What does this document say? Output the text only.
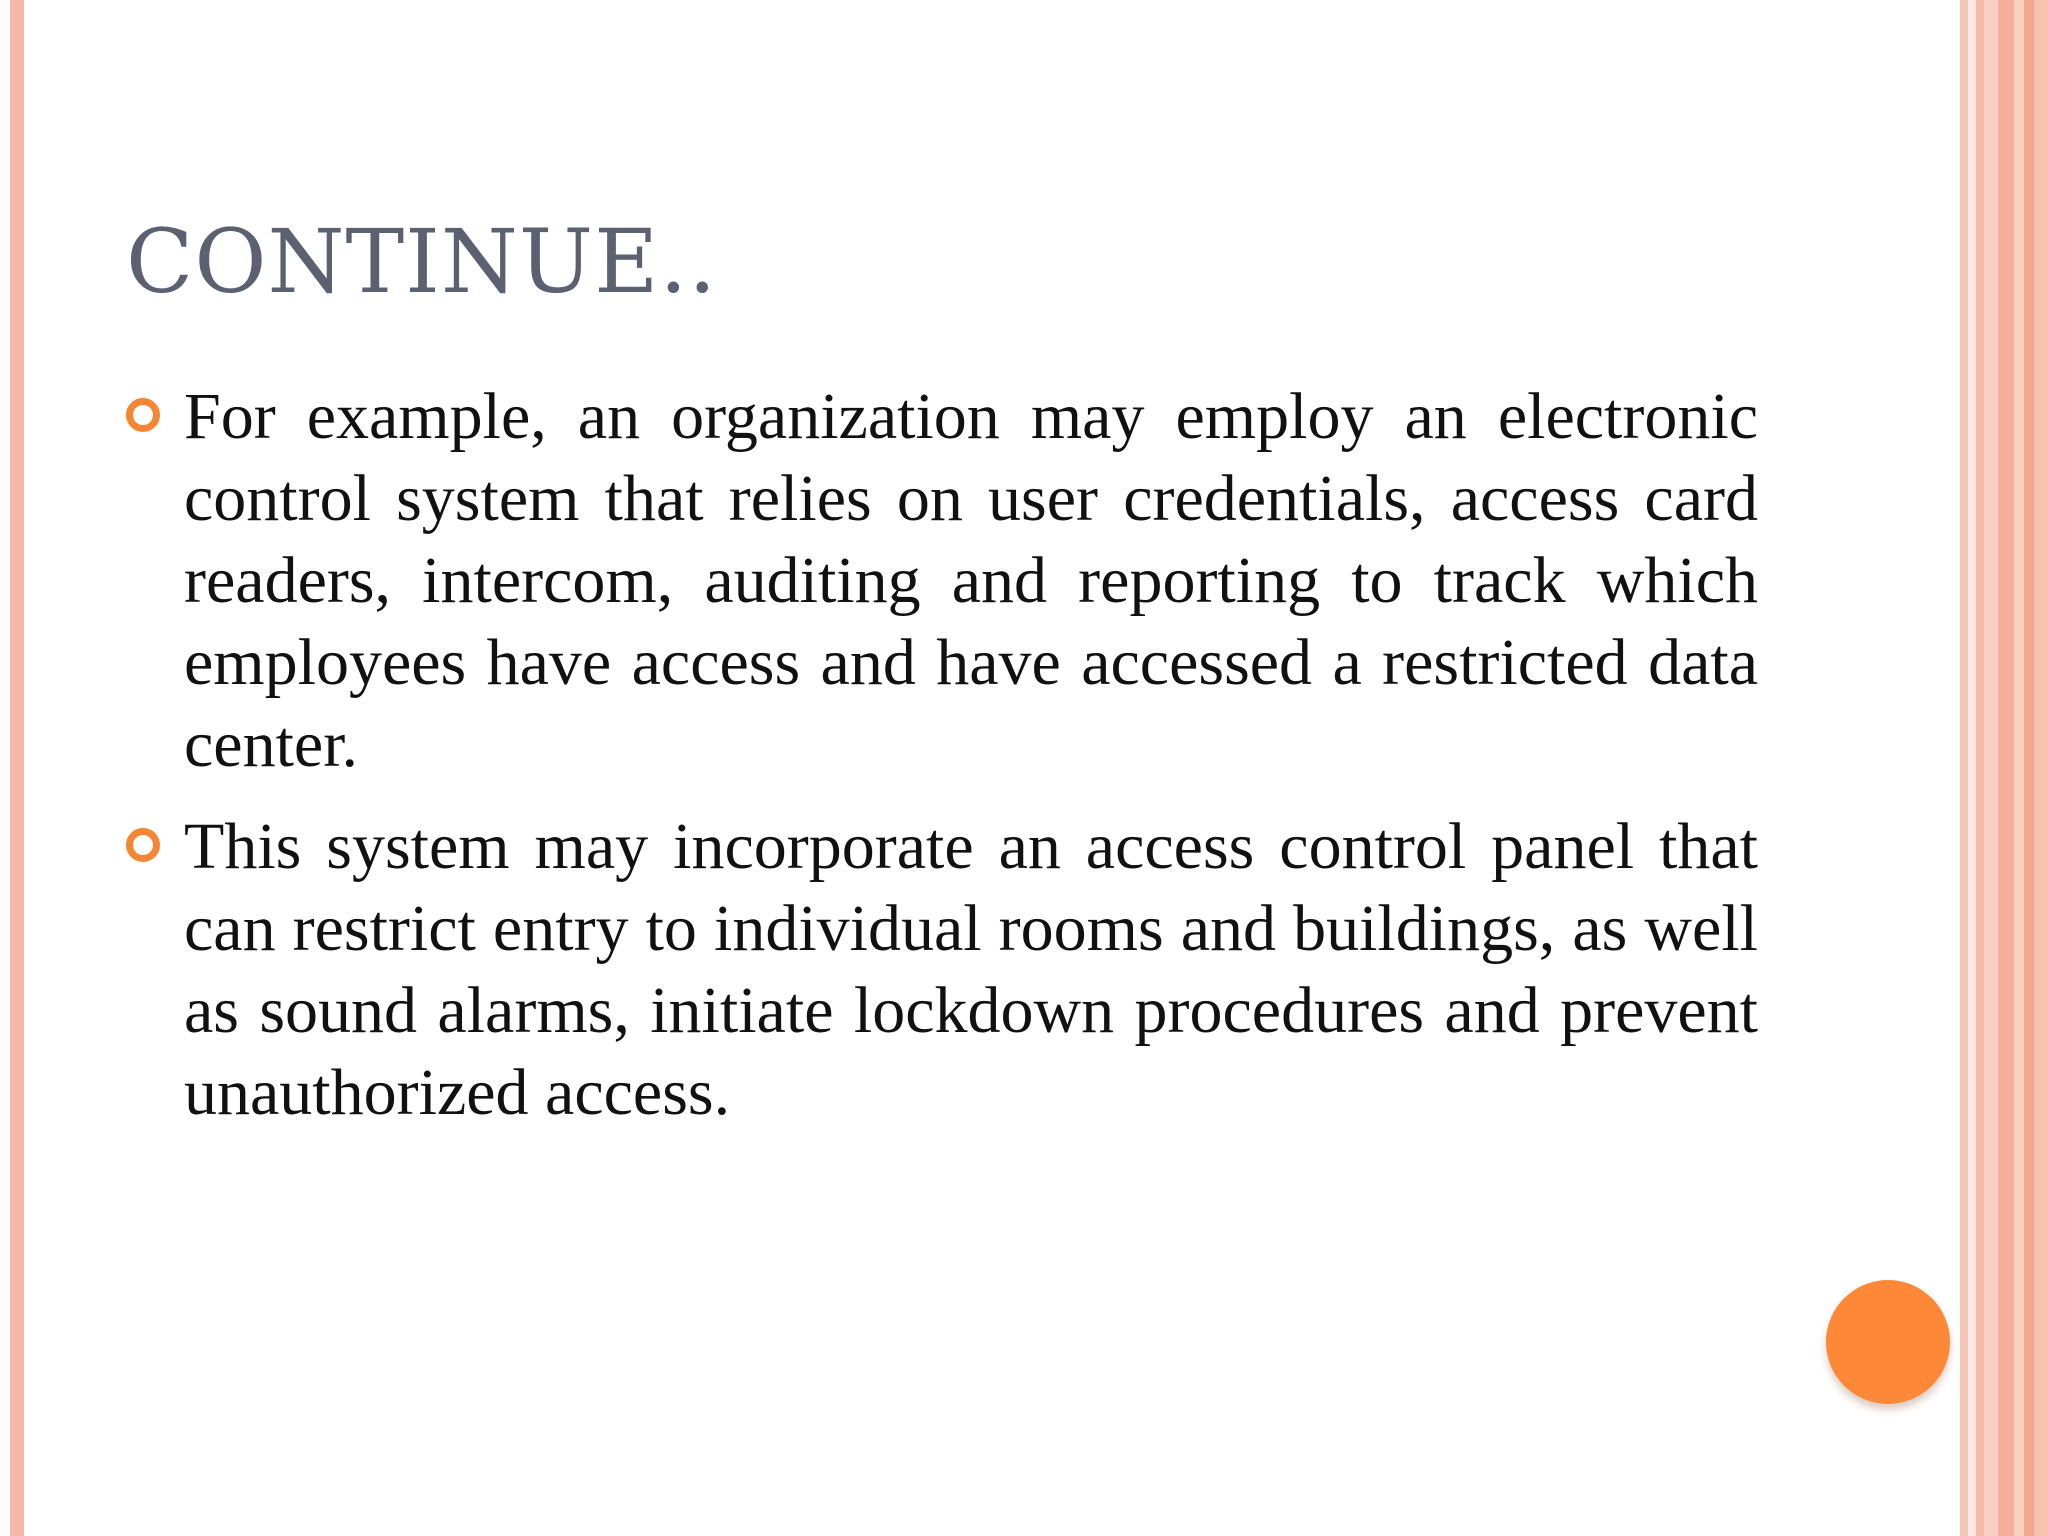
CONTINUE..
For example, an organization may employ an electronic control system that relies on user credentials, access card readers, intercom, auditing and reporting to track which employees have access and have accessed a restricted data center.
This system may incorporate an access control panel that can restrict entry to individual rooms and buildings, as well as sound alarms, initiate lockdown procedures and prevent unauthorized access.
